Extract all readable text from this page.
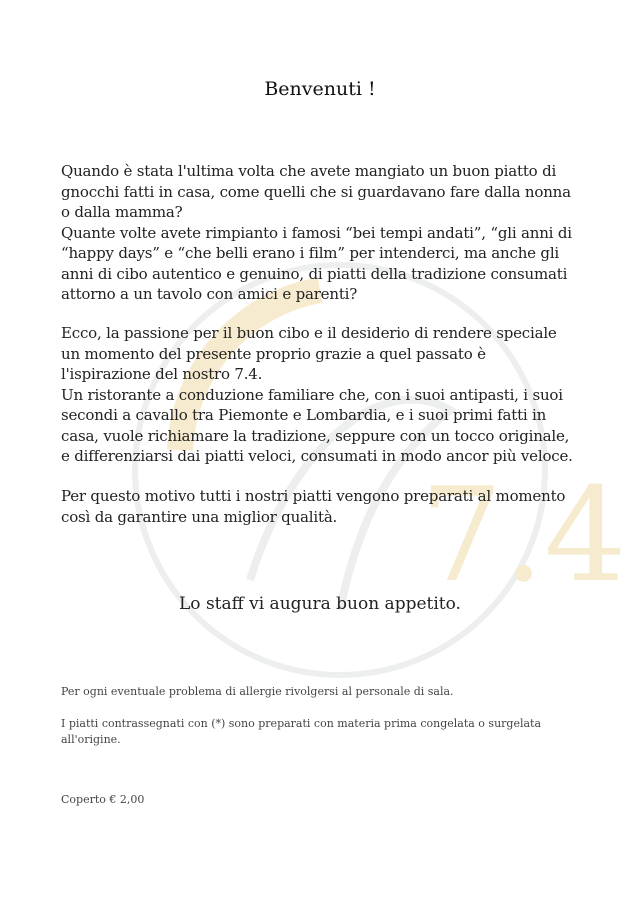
7.4
Benvenuti !
Quando è stata l'ultima volta che avete mangiato un buon piatto di
gnocchi fatti in casa, come quelli che si guardavano fare dalla nonna
o dalla mamma?
Quante volte avete rimpianto i famosi “bei tempi andati”, “gli anni di
“happy days” e “che belli erano i film” per intenderci, ma anche gli
anni di cibo autentico e genuino, di piatti della tradizione consumati
attorno a un tavolo con amici e parenti?
Ecco, la passione per il buon cibo e il desiderio di rendere speciale
un momento del presente proprio grazie a quel passato è
l'ispirazione del nostro 7.4.
Un ristorante a conduzione familiare che, con i suoi antipasti, i suoi
secondi a cavallo tra Piemonte e Lombardia, e i suoi primi fatti in
casa, vuole richiamare la tradizione, seppure con un tocco originale,
e differenziarsi dai piatti veloci, consumati in modo ancor più veloce.
Per questo motivo tutti i nostri piatti vengono preparati al momento
così da garantire una miglior qualità.
Lo staff vi augura buon appetito.
Per ogni eventuale problema di allergie rivolgersi al personale di sala.
I piatti contrassegnati con (*) sono preparati con materia prima congelata o surgelata
all'origine.
Coperto € 2,00
